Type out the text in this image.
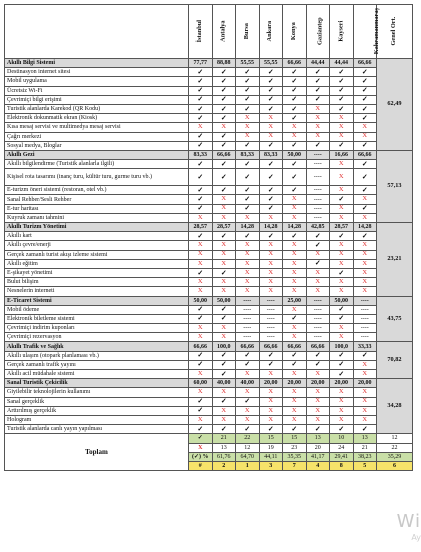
	İstanbul	Antalya	Bursa	Ankara	Konya	Gaziantep	Kayseri	Kahramanmaraş	Genel Ort.	
Akıllı Bilgi Sistemi	77,77	88,88	55,55	55,55	66,66	44,44	44,44	66,66	62,49	
Destinasyon internet sitesi	✓	✓	✓	✓	✓	✓	✓	✓		
Mobil uygulama	✓	✓	✓	✓	✓	✓	✓	✓		
Ücretsiz Wi-Fi	✓	✓	✓	✓	✓	✓	✓	✓		
Çevrimiçi bilgi erişimi	✓	✓	✓	✓	✓	✓	✓	✓		
Turistik alanlarda Karekod (QR Kodu)	✓	✓	✓	✓	✓	X	✓	✓		
Elektronik dokunmatik ekran (Kiosk)	✓	✓	X	X	✓	X	X	✓		
Kısa mesaj servisi ve multimedya mesaj servisi	X	X	X	X	X	X	X	X		
Çağrı merkezi	✓	✓	X	X	X	X	X	X		
Sosyal medya, Bloglar	✓	✓	✓	✓	✓	✓	✓	✓		
Akıllı Gezi	83,33	66,66	83,33	83,33	50,00	----	16,66	66,66	57,13	
Akıllı bilgilendirme (Turistik alanlarla ilgili)	✓	✓	✓	✓	✓	----	X	✓		
Kişisel rota tasarımı (inanç turu, kültür turu, gurme turu vb.)	✓	✓	✓	✓	✓	----	X	✓		
E-turizm öneri sistemi (restoran, otel vb.)	✓	✓	✓	✓	✓	----	X	✓		
Sanal Rehber/Sesli Rehber	✓	X	✓	✓	X	----	✓	X		
E-tur haritası	✓	X	✓	✓	X	----	X	✓		
Kuyruk zamanı tahmini	X	X	X	X	X	----	X	X		
Akıllı Turizm Yönetimi	28,57	28,57	14,28	14,28	14,28	42,85	28,57	14,28	23,21	
Akıllı kart	✓	✓	✓	✓	✓	✓	✓	✓		
Akıllı çevre/enerji	X	X	X	X	X	✓	X	X		
Gerçek zamanlı turist akışı izleme sistemi	X	X	X	X	X	X	X	X		
Akıllı eğitim	X	X	X	X	X	✓	X	X		
E-şikayet yönetimi	✓	✓	X	X	X	X	✓	X		
Bulut bilişim	X	X	X	X	X	X	X	X		
Nesnelerin interneti	X	X	X	X	X	X	X	X		
E-Ticaret Sistemi	50,00	50,00	----	----	25,00	----	50,00	----	43,75	
Mobil ödeme	✓	✓	----	----	X	----	✓	----		
Elektronik biletleme sistemi	✓	✓	----	----	✓	----	✓	----		
Çevrimiçi indirim kuponları	X	X	----	----	X	----	X	----		
Çevrimiçi rezervasyon	X	X	----	----	X	----	X	----		
Akıllı Trafik ve Sağlık	66,66	100,0	66,66	66,66	66,66	66,66	100,0	33,33	70,82	
Akıllı ulaşım (otopark planlaması vb.)	✓	✓	✓	✓	✓	✓	✓	✓		
Gerçek zamanlı trafik yayını	✓	✓	✓	✓	✓	✓	✓	X		
Akıllı acil müdahale sistemi	X	✓	X	X	X	X	✓	X		
Sanal Turistik Çekicilik	60,00	40,00	40,00	20,00	20,00	20,00	20,00	20,00	34,28	
Giyilebilir teknolojilerin kullanımı	X	X	X	X	X	X	X	X		
Sanal gerçeklik	✓	✓	✓	X	X	X	X	X		
Arttırılmış gerçeklik	✓	X	X	X	X	X	X	X		
Hologram	X	X	X	X	X	X	X	X		
Turistik alanlarda canlı yayın yapılması	✓	✓	✓	✓	✓	✓	✓	✓		
Toplam	✓	21	22	15	15	13	10	13	12	
	X	13	12	19	23	20	24	21	22	
	(✓) %	61,76	64,70	44,11	35,35	41,17	29,41	38,23	35,29	
	#	2	1	3	7	4	8	5	6	
Wi
Ay
